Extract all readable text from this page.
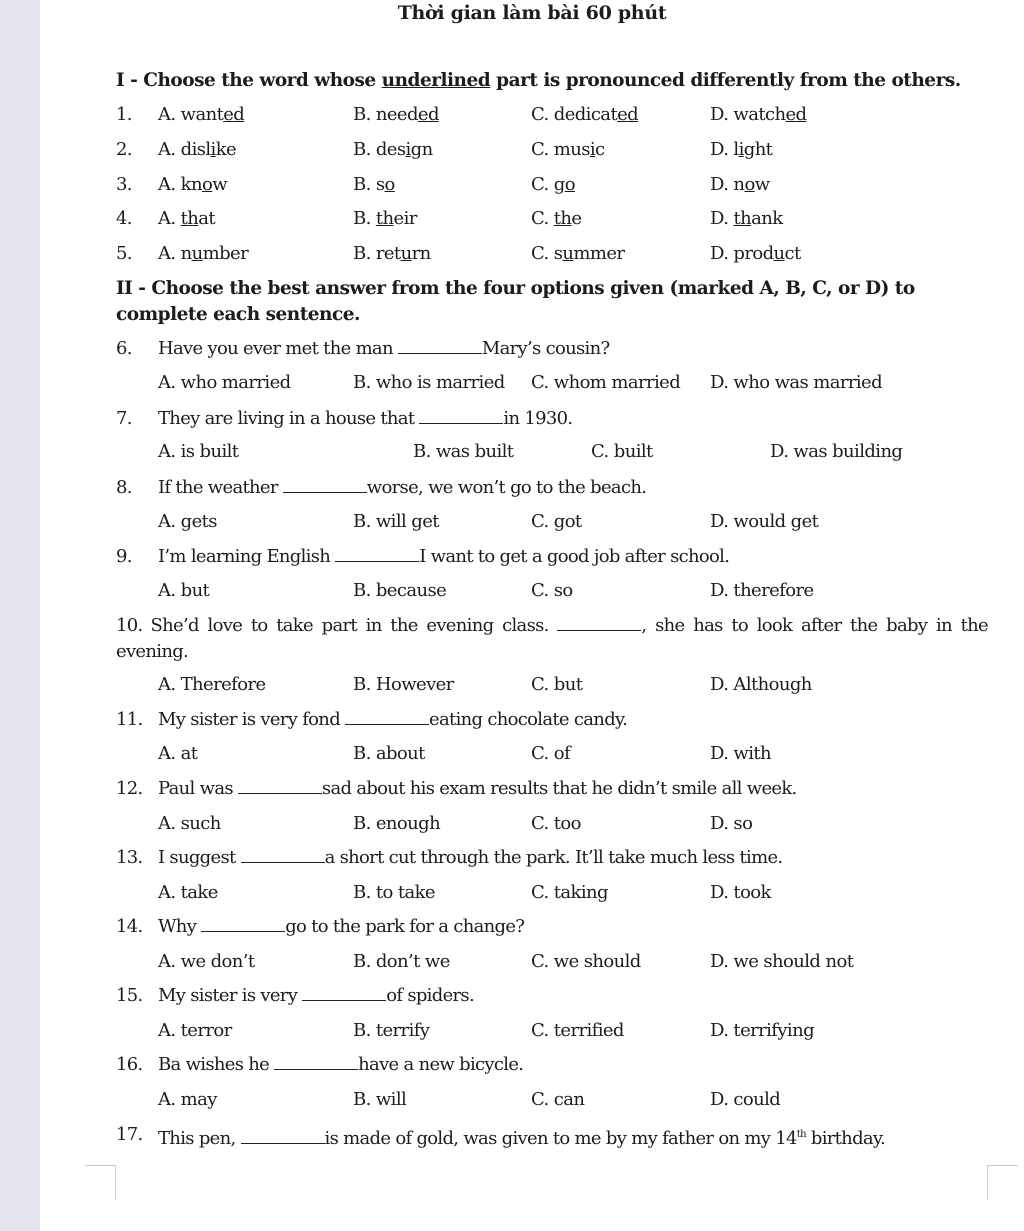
Thời gian làm bài 60 phút
I - Choose the word whose underlined part is pronounced differently from the others.
II - Choose the best answer from the four options given (marked A, B, C, or D) to complete each sentence.
1. A. wanted	B. needed	C. dedicated	D. watched
2. A. dislike	B. design	C. music	D. light
3. A. know	B. so	C. go	D. now
4. A. that	B. their	C. the	D. thank
5. A. number	B. return	C. summer	D. product
6. Have you ever met the man	Mary’s cousin?
A. who married	B. who is married C. whom married D. who was married
7. They are living in a house that	in 1930.
A. is built	B. was built	C. built	D. was building
8. If the weather	worse, we won’t go to the beach.
A. gets	B. will get	C. got	D. would get
9. I’m learning English	I want to get a good job after school.
A. but	B. because	C. so	D. therefore
10. She’d love to take part in the evening class.	, she has to look after the baby in the evening.
A. Therefore	B. However	C. but	D. Although
11. My sister is very fond	eating chocolate candy.
A. at	B. about	C. of	D. with
12. Paul was	sad about his exam results that he didn’t smile all week.
A. such	B. enough	C. too	D. so
13. I suggest	a short cut through the park. It’ll take much less time.
A. take	B. to take	C. taking	D. took
14. Why	go to the park for a change?
A. we don’t	B. don’t we	C. we should	D. we should not
15. My sister is very	of spiders.
A. terror	B. terrify	C. terrified	D. terrifying
16. Ba wishes he	have a new bicycle.
A. may	B. will	C. can	D. could
17. This pen,	is made of gold, was given to me by my father on my 14th birthday.
